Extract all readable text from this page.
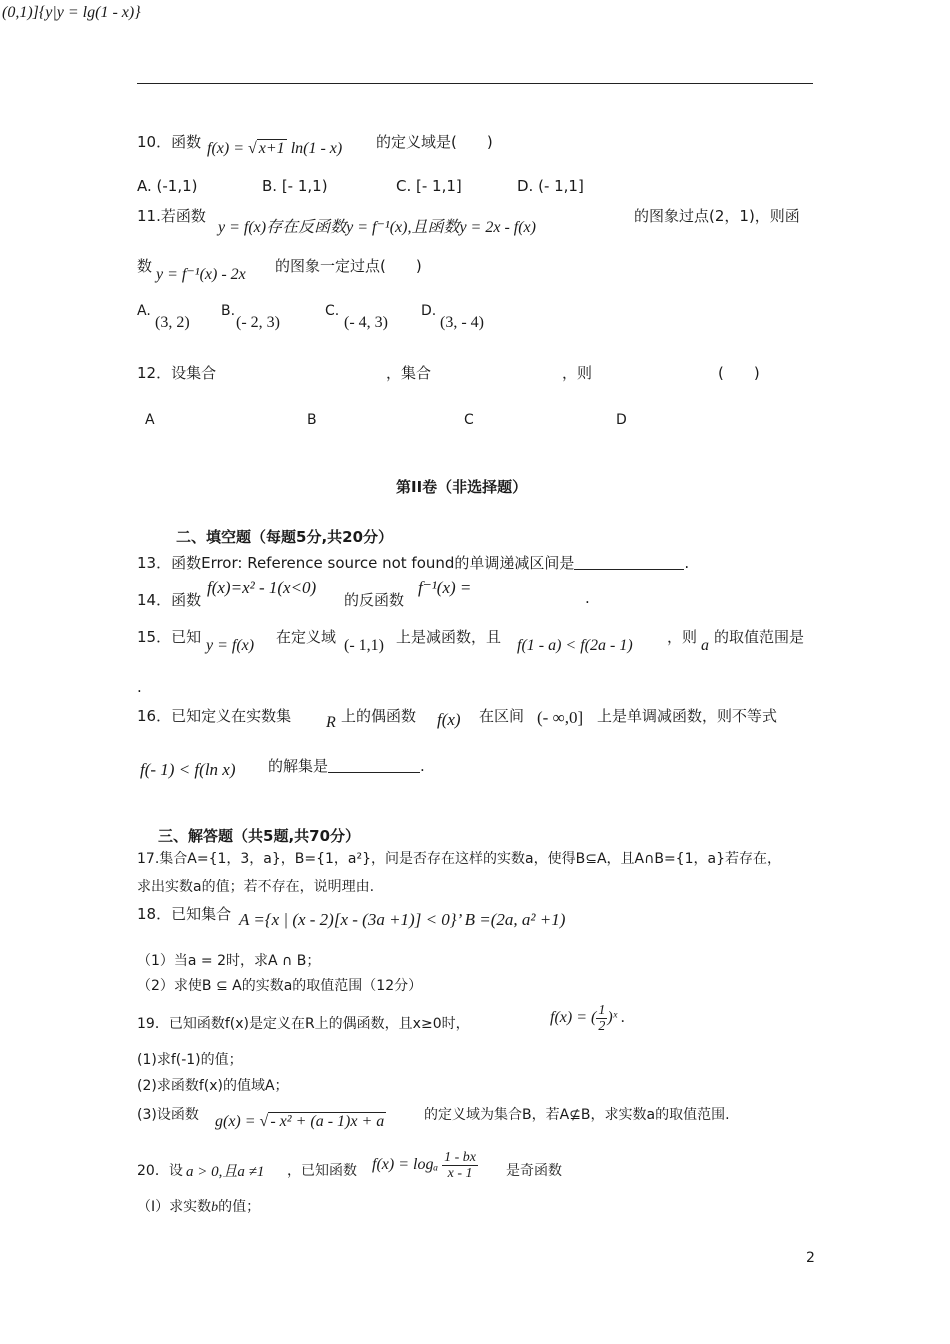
(0,1)]{y|y = lg(1 - x)}
10．函数 f(x) = √ x+1 ln(1 - x) 的定义域是(　　)
A. (-1,1)	B. [- 1,1)	C. [- 1,1]	D. (- 1,1]
11.若函数
y = f(x)存在反函数y = f⁻¹(x),且函数y = 2x - f(x)
的图象过点(2，1)，则函
数 y = f⁻¹(x) - 2x 的图象一定过点(　　)
A.
(3, 2)
B.
(- 2, 3)
C.
(- 4, 3)
D.
(3, - 4)
12．设集合	，集合	，则	(　　)
A	B	C	D
第II卷（非选择题）
二、填空题（每题5分,共20分）
13．函数Error: Reference source not found的单调递减区间是	.
14．函数
f(x)=x² - 1(x<0)
的反函数
f⁻¹(x) =
.
15．已知 y = f(x) 在定义域 (- 1,1) 上是减函数，且 f(1 - a) < f(2a - 1) ，则 a 的取值范围是
.
16．已知定义在实数集 R 上的偶函数 f(x) 在区间 (- ∞,0] 上是单调减函数，则不等式
f(- 1) < f(ln x) 的解集是	.
三、解答题（共5题,共70分）
17.集合A={1，3，a}，B={1，a²}，问是否存在这样的实数a，使得B⊆A，且A∩B={1，a}若存在，
求出实数a的值；若不存在，说明理由.
18．已知集合 A ={x | (x - 2)[x - (3a +1)] < 0}’ B =(2a, a² +1)
（1）当a = 2时，求A ∩ B；
（2）求使B ⊆ A的实数a的取值范围（12分）
19．已知函数f(x)是定义在R上的偶函数，且x≥0时，	f(x) = ( $\frac{1}{2}$ )ˣ .
(1)求f(-1)的值；
(2)求函数f(x)的值域A；
(3)设函数 g(x) = √ - x² + (a - 1)x + a	的定义域为集合B，若A⊈B，求实数a的取值范围.
20．设 a > 0,且a ≠1 ，已知函数 f(x) = logₐ $\frac{1 - bx}{x - 1}$ 是奇函数
（Ⅰ）求实数b的值；
2
